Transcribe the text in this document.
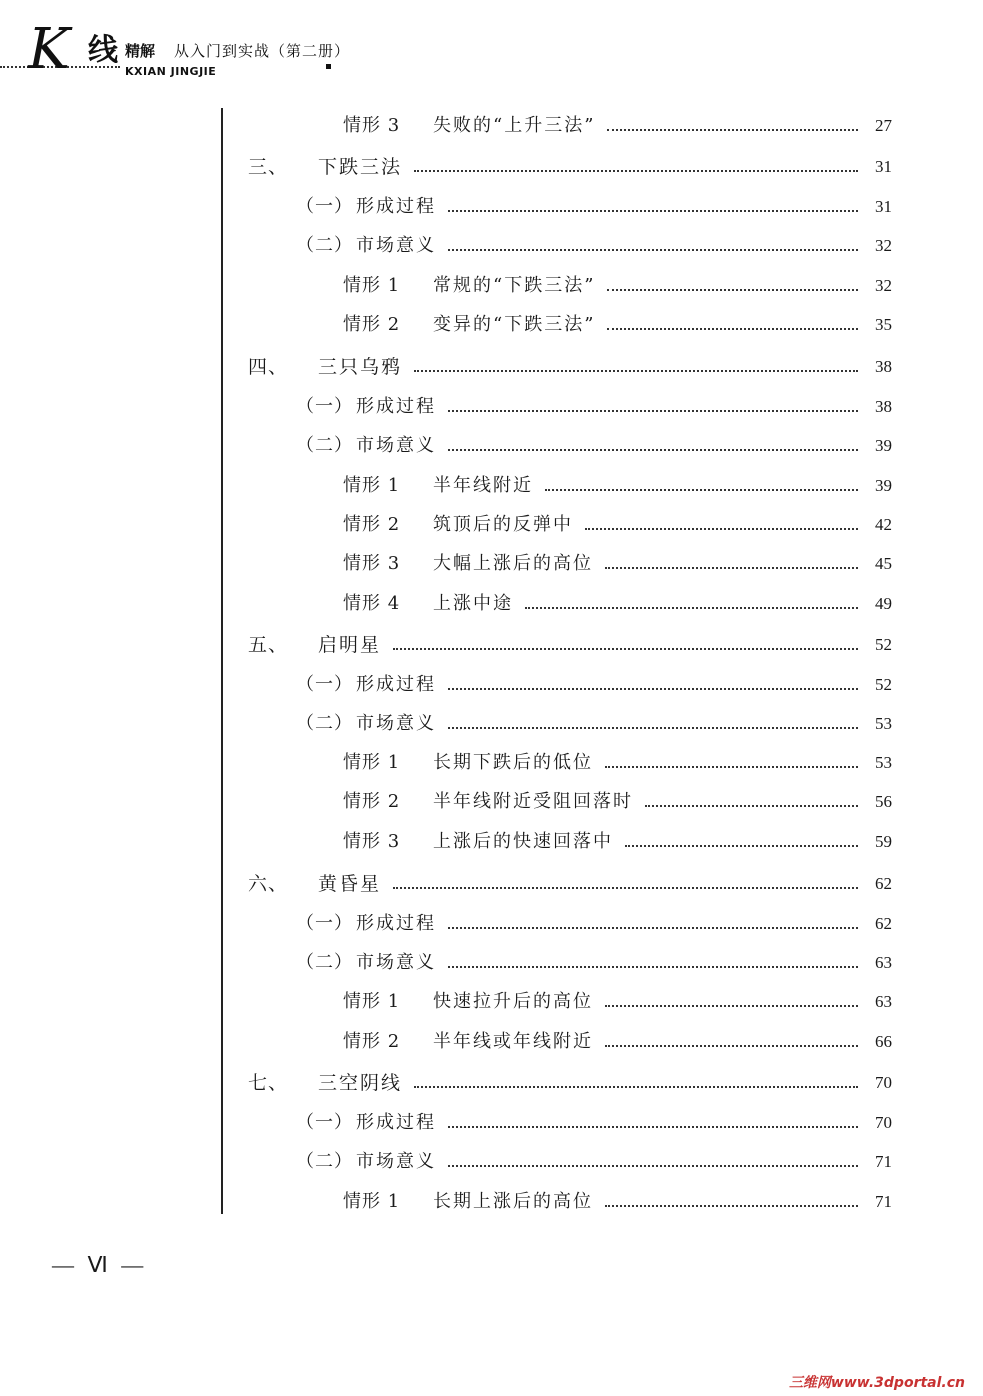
K 线 精解 从入门到实战（第二册）
KXIAN JINGJIE
情形 3 失败的“上升三法”	27
三、 下跌三法	31
（一） 形成过程	31
（二） 市场意义	32
情形 1 常规的“下跌三法”	32
情形 2 变异的“下跌三法”	35
四、 三只乌鸦	38
（一） 形成过程	38
（二） 市场意义	39
情形 1 半年线附近	39
情形 2 筑顶后的反弹中	42
情形 3 大幅上涨后的高位	45
情形 4 上涨中途	49
五、 启明星	52
（一） 形成过程	52
（二） 市场意义	53
情形 1 长期下跌后的低位	53
情形 2 半年线附近受阻回落时	56
情形 3 上涨后的快速回落中	59
六、 黄昏星	62
（一） 形成过程	62
（二） 市场意义	63
情形 1 快速拉升后的高位	63
情形 2 半年线或年线附近	66
七、 三空阴线	70
（一） 形成过程	70
（二） 市场意义	71
情形 1 长期上涨后的高位	71
— Ⅵ —
三维网www.3dportal.cn
